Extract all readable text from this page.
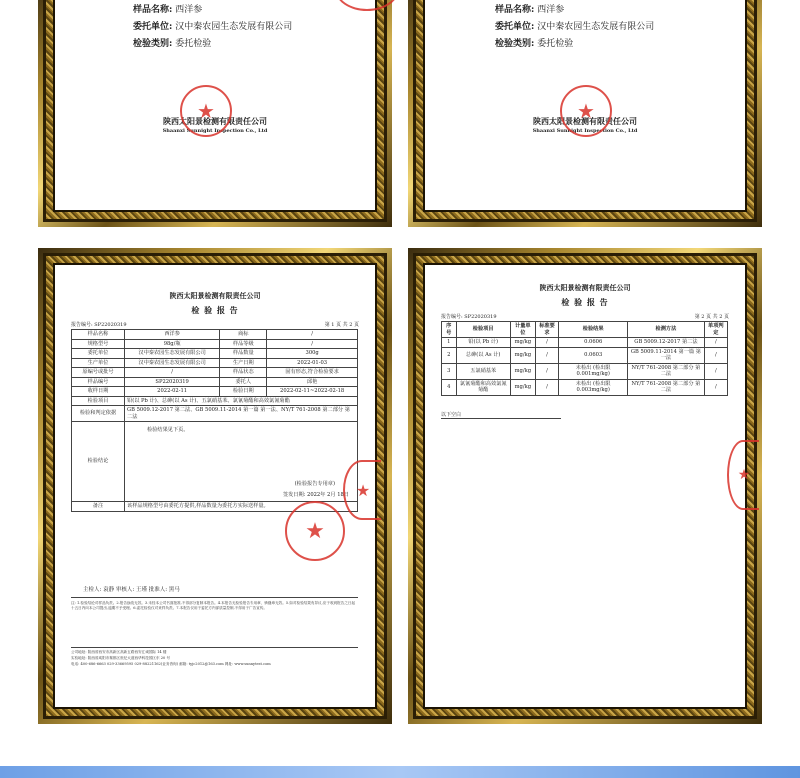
样品名称: 西洋参
委托单位: 汉中秦农园生态发展有限公司
检验类别: 委托检验
陕西太阳景检测有限责任公司
Shaanxi Sunnight Inspection Co., Ltd
★
样品名称: 西洋参
委托单位: 汉中秦农园生态发展有限公司
检验类别: 委托检验
陕西太阳景检测有限责任公司
Shaanxi Sunnight Inspection Co., Ltd
★
陕西太阳景检测有限责任公司
检 验 报 告
报告编号: SP22020319	第 1 页 共 2 页
样品名称	西洋参	商标	/
规格型号	98g/瓶	样品等级	/
委托单位	汉中秦农园生态发展有限公司	样品数量	300g
生产单位	汉中秦农园生态发展有限公司	生产日期	2022-01-03
原编号或批号	/	样品状态	固有形态,符合检验要求
样品编号	SP22020319	委托人	邱艳
收样日期	2022-02-11	检验日期	2022-02-11~2022-02-18
检验项目	铅(以 Pb 计)、总砷(以 As 计)、五氯硝基苯、氯氰菊酯和高效氯氰菊酯		
检验和判定依据	GB 5009.12-2017 第二法、GB 5009.11-2014 第一篇 第一法、NY/T 761-2008 第二部分 第二法		
检验结论	检验结果见下页。
(检验报告专用章)
签发日期: 2022年 2月 18日		

备注	该样品规格型号由委托方提供,样品数量为委托方实际送样量。		
★
★
主检人: 袁静 审核人: 王瑾 批准人: 黑马
注: 1.检验结论对样品负责。2.报告涂改无效。3.未经本公司书面批准,不得部分复制本报告。4.本报告无检验报告专用章、骑缝章无效。5.如对检验结果有异议,应于收到报告之日起十五日内向本公司提出,逾期不予受理。6.委托检验仅对来样负责。7.本报告仅用于委托方内部质量控制,不得用于广告宣传。
公司地址: 陕西省西安市高新区高新五路西安汇诚国际 14 楼
实验地址: 陕西省咸阳市秦都区世纪大道西华科技园区东 20 号
电话: 400-686-6663 029-33669595 029-88221162(业务咨询) 邮箱: tyjc2012@163.com 网址: www.sunnytest.com
陕西太阳景检测有限责任公司
检 验 报 告
报告编号: SP22020319	第 2 页 共 2 页
序号	检验项目	计量单位	标准要求	检验结果	检测方法	单项判定
1	铅(以 Pb 计)	mg/kg	/	0.0606	GB 5009.12-2017 第二法	/
2	总砷(以 As 计)	mg/kg	/	0.0603	GB 5009.11-2014 第一篇 第一法	/
3	五氯硝基苯	mg/kg	/	未检出 (检出限 0.001mg/kg)	NY/T 761-2008 第二部分 第二法	/
4	氯氰菊酯和高效氯氰菊酯	mg/kg	/	未检出 (检出限 0.003mg/kg)	NY/T 761-2008 第二部分 第二法	/
以下空白
★
